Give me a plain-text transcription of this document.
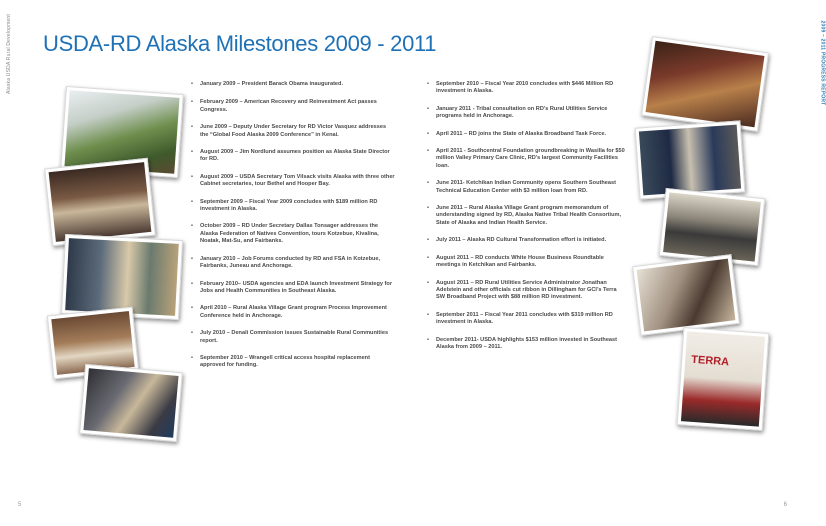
Alaska USDA Rural Development	2009 – 2011 PROGRESS REPORT
USDA-RD Alaska Milestones 2009 - 2011
TERRA
• January 2009 – President Barack Obama inaugurated.
• February 2009 – American Recovery and Reinvestment Act passes Congress.
• June 2009 – Deputy Under Secretary for RD Victor Vasquez addresses the “Global Food Alaska 2009 Conference” in Kenai.
• August 2009 – Jim Nordlund assumes position as Alaska State Director for RD.
• August 2009 – USDA Secretary Tom Vilsack visits Alaska with three other Cabinet secretaries, tour Bethel and Hooper Bay.
• September 2009 – Fiscal Year 2009 concludes with $189 million RD investment in Alaska.
• October 2009 – RD Under Secretary Dallas Tonsager addresses the Alaska Federation of Natives Convention, tours Kotzebue, Kivalina, Noatak, Mat-Su, and Fairbanks.
• January 2010 – Job Forums conducted by RD and FSA in Kotzebue, Fairbanks, Juneau and Anchorage.
• February 2010– USDA agencies and EDA launch Investment Strategy for Jobs and Health Communities in Southeast Alaska.
• April 2010 – Rural Alaska Village Grant program Process Improvement Conference held in Anchorage.
• July 2010 – Denali Commission issues Sustainable Rural Communities report.
• September 2010 – Wrangell critical access hospital replacement approved for funding.
• September 2010 – Fiscal Year 2010 concludes with $446 Million RD investment in Alaska.
• January 2011 - Tribal consultation on RD’s Rural Utilities Service programs held in Anchorage.
• April 2011 – RD joins the State of Alaska Broadband Task Force.
• April 2011 - Southcentral Foundation groundbreaking in Wasilla for $50 million Valley Primary Care Clinic, RD’s largest Community Facilities loan.
• June 2011- Ketchikan Indian Community opens Southern Southeast Technical Education Center with $3 million loan from RD.
• June 2011 – Rural Alaska Village Grant program memorandum of understanding signed by RD, Alaska Native Tribal Health Consortium, State of Alaska and Indian Health Service.
• July 2011 – Alaska RD Cultural Transformation effort is initiated.
• August 2011 – RD conducts White House Business Roundtable meetings in Ketchikan and Fairbanks.
• August 2011 – RD Rural Utilities Service Administrator Jonathan Adelstein and other officials cut ribbon in Dillingham for GCI’s Terra SW Broadband Project with $88 million RD investment.
• September 2011 – Fiscal Year 2011 concludes with $319 million RD investment in Alaska.
• December 2011- USDA highlights $153 million invested in Southeast Alaska from 2009 – 2011.
5	6
